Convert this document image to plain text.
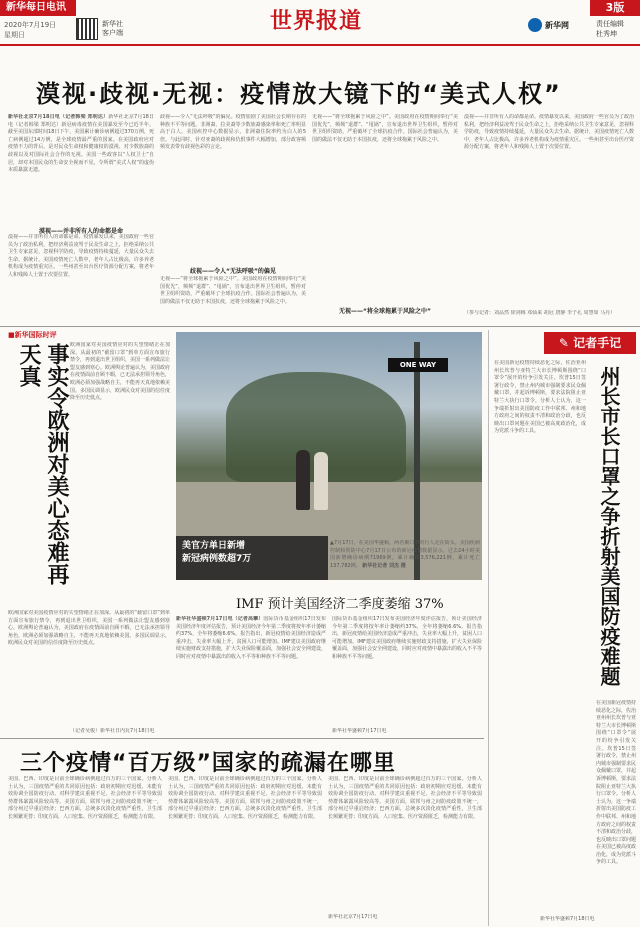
新华每日电讯
2020年7月19日
星期日
新华社
客户端	世界报道	新华网
3版
责任编辑
杜秀坤
漠视·歧视·无视：疫情放大镜下的“美式人权”
新华社北京7月18日电（记者韩梁 郑明达）新华社北京7月18日电（记者韩梁 郑明达）新冠病毒疫情在美国暴发至今已近半年。截至美国东部时间18日下午，美国累计确诊病例超过370万例，死亡病例超过14万例，是全球疫情最严重的国家。在美国政府应对疫情不力的背后，是对民众生命权和健康权的漠视、对少数族裔的歧视以及对国际社会合作的无视。美国一些政客以“人权卫士”自居，却对本国民众的生命安全视而不见，令所谓“美式人权”的虚伪本质暴露无遗。
漠视——并非所有人的命都是命
漠视——并非所有人的命都是命。疫情暴发以来，美国政府一些官员为了政治私利，把经济利益凌驾于民众生命之上，拒绝采纳公共卫生专家意见，忽视科学防疫，导致疫情持续蔓延，大量民众失去生命。据统计，美国疫情死亡人数中，老年人占比极高，许多养老机构成为疫情重灾区。一些州甚至出台医疗资源分配方案，将老年人和残障人士置于次要位置。
歧视——令人“无法呼吸”的偏见。疫情加剧了美国社会长期存在的种族不平等问题。非洲裔、拉美裔等少数族裔感染率和死亡率明显高于白人。美国疾控中心数据显示，非洲裔住院率约为白人的5倍。与此同时，针对亚裔的歧视和仇恨事件大幅增加，部分政客频频发表带有歧视色彩的言论。
歧视——令人“无法呼吸”的偏见
无视——“将全球拖累于风险之中”。美国政府在疫情期间奉行“美国优先”，频频“退群”、“甩锅”，宣布退出世界卫生组织，暂停对世卫组织资助，严重破坏了全球抗疫合作。国际社会普遍认为，美国的做法不仅无助于本国抗疫，还将全球拖累于风险之中。
无视——“将全球拖累于风险之中”。美国政府在疫情期间奉行“美国优先”，频频“退群”、“甩锅”，宣布退出世界卫生组织，暂停对世卫组织资助，严重破坏了全球抗疫合作。国际社会普遍认为，美国的做法不仅无助于本国抗疫，还将全球拖累于风险之中。
无视——“将全球拖累于风险之中”
漠视——并非所有人的命都是命。疫情暴发以来，美国政府一些官员为了政治私利，把经济利益凌驾于民众生命之上，拒绝采纳公共卫生专家意见，忽视科学防疫，导致疫情持续蔓延，大量民众失去生命。据统计，美国疫情死亡人数中，老年人占比极高，许多养老机构成为疫情重灾区。一些州甚至出台医疗资源分配方案，将老年人和残障人士置于次要位置。
（参与记者：刘品然 徐剑梅 邓仙来 胡冠 唐静 李子孔 周慧如 马丹）
■新华国际时评
事实令欧洲对美心态难再天真	欧洲国家对美国疫情应对的失望情绪正在加深。从最初的“截留口罩”到单方面宣布旅行禁令，再到退出世卫组织，美国一系列做法让盟友感到寒心。欧洲舆论普遍认为，美国政府在疫情面前自顾不暇，已无法承担领导角色，欧洲必须加强战略自主，不能再天真地依赖美国。多国民调显示，欧洲民众对美国的信任度降至历史低点。
欧洲国家对美国疫情应对的失望情绪正在加深。从最初的“截留口罩”到单方面宣布旅行禁令，再到退出世卫组织，美国一系列做法让盟友感到寒心。欧洲舆论普遍认为，美国政府在疫情面前自顾不暇，已无法承担领导角色，欧洲必须加强战略自主，不能再天真地依赖美国。多国民调显示，欧洲民众对美国的信任度降至历史低点。
（记者吴俊）新华社日内瓦7月18日电
ONE WAY
美官方单日新增
新冠病例数超7万
▲7月17日，在美国华盛顿，两名戴口罩的行人走在街头。美国疾病控制和预防中心7月17日公布的新冠疫情数据显示，过去24小时美国新增确诊病例71969例，累计确诊3,576,221例，累计死亡137,782例。 新华社记者 刘杰 摄
IMF 预计美国经济二季度萎缩 37%
新华社华盛顿7月17日电（记者高攀）国际货币基金组织17日发布美国经济年度评估报告，预计美国经济今年第二季度将按年率计萎缩约37%，全年将萎缩6.6%。报告指出，新冠疫情给美国经济造成严重冲击，失业率大幅上升，贫困人口可能增加。IMF建议美国政府继续实施财政支持措施，扩大失业保险覆盖面，加强社会安全网建设，同时应对疫情中暴露出的收入不平等和种族不平等问题。
国际货币基金组织17日发布美国经济年度评估报告，预计美国经济今年第二季度将按年率计萎缩约37%，全年将萎缩6.6%。报告指出，新冠疫情给美国经济造成严重冲击，失业率大幅上升，贫困人口可能增加。IMF建议美国政府继续实施财政支持措施，扩大失业保险覆盖面，加强社会安全网建设，同时应对疫情中暴露出的收入不平等和种族不平等问题。
新华社华盛顿7月17日电
三个疫情“百万级”国家的疏漏在哪里
美国、巴西、印度是目前全球确诊病例超过百万的三个国家。分析人士认为，三国疫情严重的共同原因包括：政府初期应对迟缓、未能有效协调全国防疫行动、对科学建议重视不足、社会经济不平等导致弱势群体暴露风险较高等。美国方面，联邦与州之间防疫政策不统一，部分州过早重启经济；巴西方面，总统多次淡化疫情严重性，卫生部长频繁更替；印度方面，人口密集、医疗资源匮乏，检测能力有限。
美国、巴西、印度是目前全球确诊病例超过百万的三个国家。分析人士认为，三国疫情严重的共同原因包括：政府初期应对迟缓、未能有效协调全国防疫行动、对科学建议重视不足、社会经济不平等导致弱势群体暴露风险较高等。美国方面，联邦与州之间防疫政策不统一，部分州过早重启经济；巴西方面，总统多次淡化疫情严重性，卫生部长频繁更替；印度方面，人口密集、医疗资源匮乏，检测能力有限。
美国、巴西、印度是目前全球确诊病例超过百万的三个国家。分析人士认为，三国疫情严重的共同原因包括：政府初期应对迟缓、未能有效协调全国防疫行动、对科学建议重视不足、社会经济不平等导致弱势群体暴露风险较高等。美国方面，联邦与州之间防疫政策不统一，部分州过早重启经济；巴西方面，总统多次淡化疫情严重性，卫生部长频繁更替；印度方面，人口密集、医疗资源匮乏，检测能力有限。
新华社北京7月17日电
✎ 记者手记
在美国新冠疫情持续恶化之际，佐治亚州州长坎普与亚特兰大市长博顿斯围绕“口罩令”展开的纷争引发关注。坎普15日签署行政令，禁止州内城市强制要求民众佩戴口罩，并起诉博顿斯，要求法院阻止亚特兰大执行口罩令。分析人士认为，这一争端折射出美国防疫工作中联邦、州和地方政府之间的权责不清和政治分歧，也反映出口罩问题在美国已被高度政治化，成为党派斗争的工具。	州长市长口罩之争折射美国防疫难题
在美国新冠疫情持续恶化之际，佐治亚州州长坎普与亚特兰大市长博顿斯围绕“口罩令”展开的纷争引发关注。坎普15日签署行政令，禁止州内城市强制要求民众佩戴口罩，并起诉博顿斯，要求法院阻止亚特兰大执行口罩令。分析人士认为，这一争端折射出美国防疫工作中联邦、州和地方政府之间的权责不清和政治分歧，也反映出口罩问题在美国已被高度政治化，成为党派斗争的工具。
新华社华盛顿7月18日电
